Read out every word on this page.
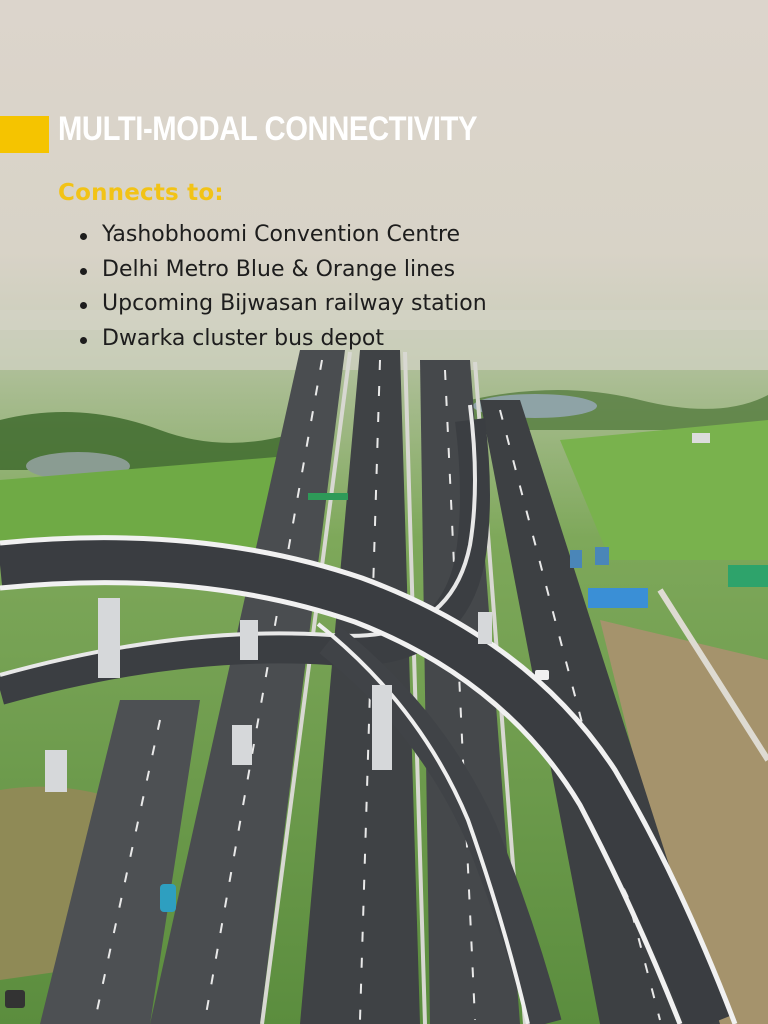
MULTI-MODAL CONNECTIVITY
Connects to:
Yashobhoomi Convention Centre
Delhi Metro Blue & Orange lines
Upcoming Bijwasan railway station
Dwarka cluster bus depot
